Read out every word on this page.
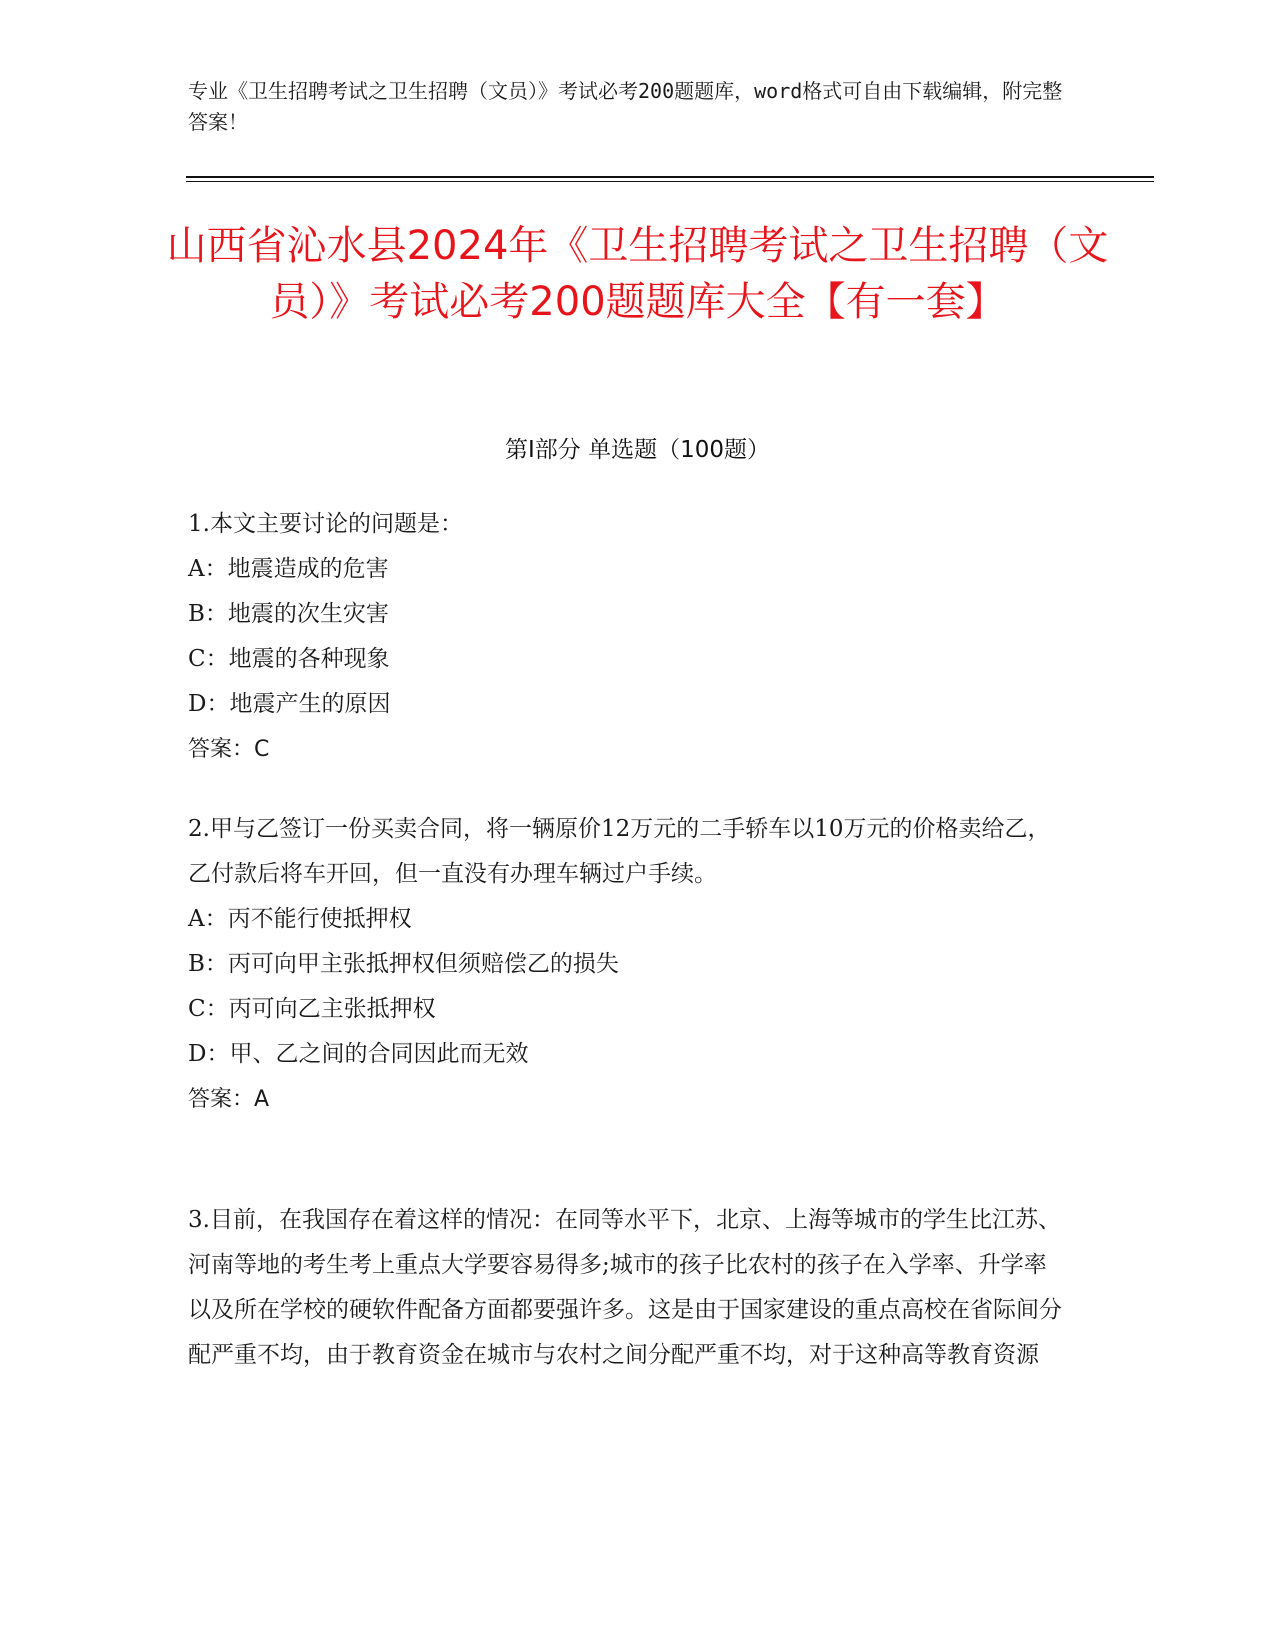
专业《卫生招聘考试之卫生招聘（文员）》考试必考200题题库，word格式可自由下载编辑，附完整答案！
山西省沁水县2024年《卫生招聘考试之卫生招聘（文员）》考试必考200题题库大全【有一套】
第I部分 单选题（100题）
1.本文主要讨论的问题是：
A：地震造成的危害
B：地震的次生灾害
C：地震的各种现象
D：地震产生的原因
答案：C
2.甲与乙签订一份买卖合同，将一辆原价12万元的二手轿车以10万元的价格卖给乙，乙付款后将车开回，但一直没有办理车辆过户手续。
A：丙不能行使抵押权
B：丙可向甲主张抵押权但须赔偿乙的损失
C：丙可向乙主张抵押权
D：甲、乙之间的合同因此而无效
答案：A
3.目前，在我国存在着这样的情况：在同等水平下，北京、上海等城市的学生比江苏、河南等地的考生考上重点大学要容易得多;城市的孩子比农村的孩子在入学率、升学率以及所在学校的硬软件配备方面都要强许多。这是由于国家建设的重点高校在省际间分配严重不均，由于教育资金在城市与农村之间分配严重不均，对于这种高等教育资源
